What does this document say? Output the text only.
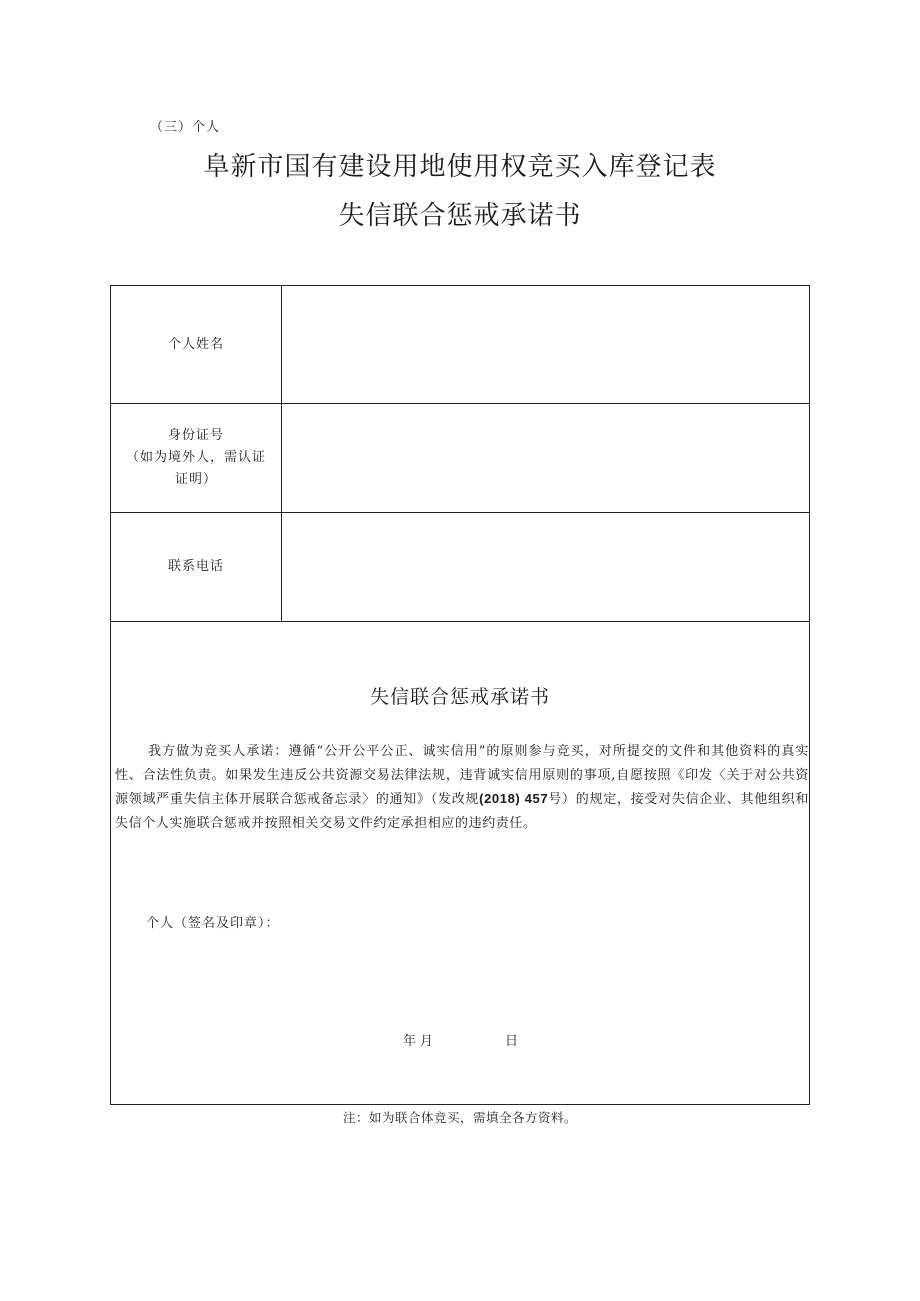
（三）个人
阜新市国有建设用地使用权竞买入库登记表
失信联合惩戒承诺书
个人姓名
身份证号
（如为境外人，需认证
证明）
联系电话
失信联合惩戒承诺书
我方做为竞买人承诺：遵循“公开公平公正、诚实信用”的原则参与竞买，对所提交的文件和其他资料的真实性、合法性负责。如果发生违反公共资源交易法律法规，违背诚实信用原则的事项,自愿按照《印发〈关于对公共资源领域严重失信主体开展联合惩戒备忘录〉的通知》（发改规(2018) 457号）的规定，接受对失信企业、其他组织和失信个人实施联合惩戒并按照相关交易文件约定承担相应的违约责任。
个人（签名及印章）：
年月	日
注：如为联合体竞买，需填全各方资料。
